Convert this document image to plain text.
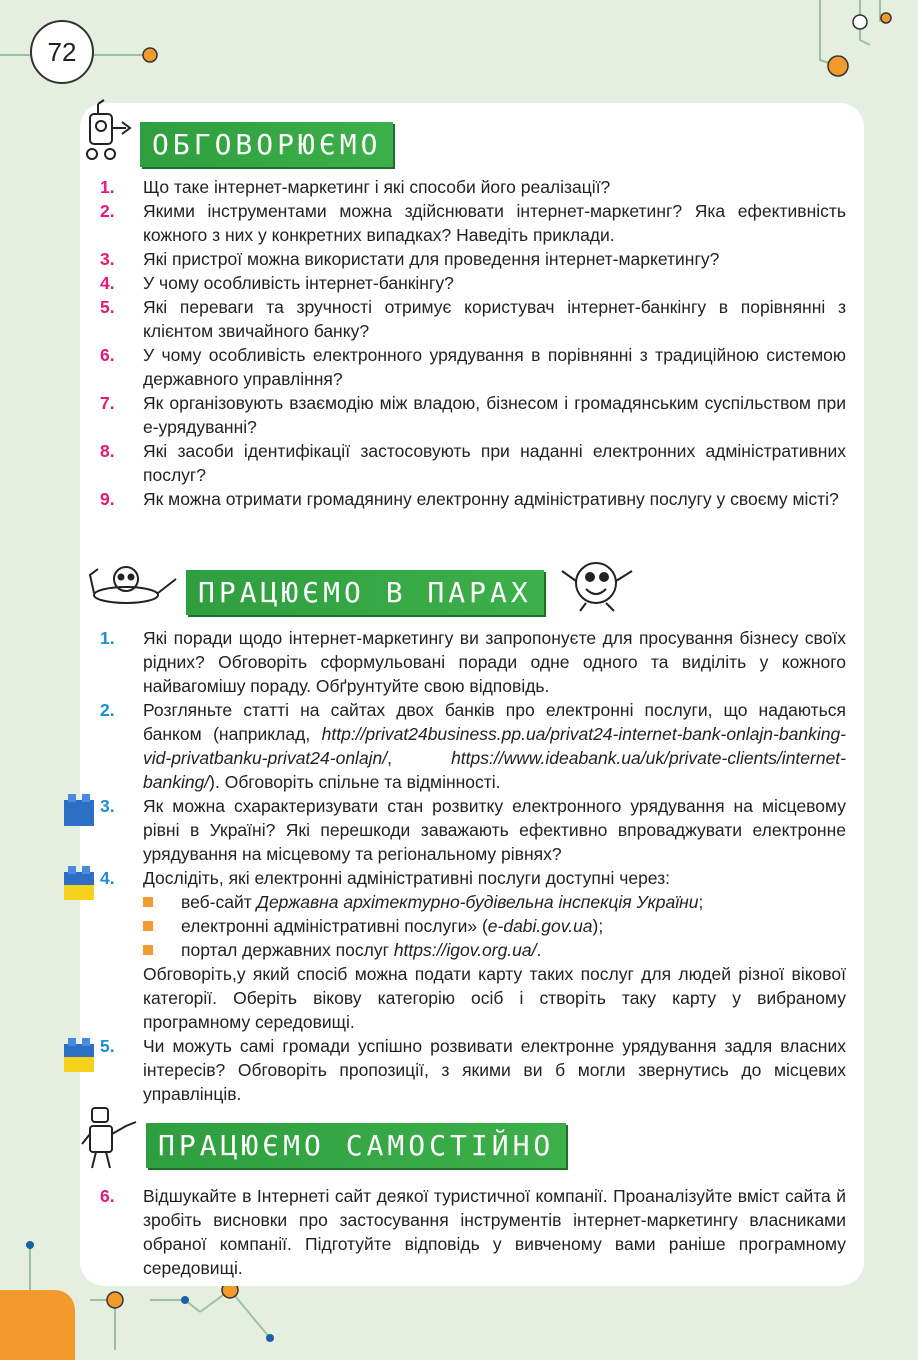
72
ОБГОВОРЮЄМО
1. Що таке інтернет-маркетинг і які способи його реалізації?
2. Якими інструментами можна здійснювати інтернет-маркетинг? Яка ефективність кожного з них у конкретних випадках? Наведіть приклади.
3. Які пристрої можна використати для проведення інтернет-маркетингу?
4. У чому особливість інтернет-банкінгу?
5. Які переваги та зручності отримує користувач інтернет-банкінгу в порівнянні з клієнтом звичайного банку?
6. У чому особливість електронного урядування в порівнянні з традиційною системою державного управління?
7. Як організовують взаємодію між владою, бізнесом і громадянським суспільством при е-урядуванні?
8. Які засоби ідентифікації застосовують при наданні електронних адміністративних послуг?
9. Як можна отримати громадянину електронну адміністративну послугу у своєму місті?
ПРАЦЮЄМО В ПАРАХ
1. Які поради щодо інтернет-маркетингу ви запропонуєте для просування бізнесу своїх рідних? Обговоріть сформульовані поради одне одного та виділіть у кожного найвагомішу пораду. Обґрунтуйте свою відповідь.
2. Розгляньте статті на сайтах двох банків про електронні послуги, що надаються банком (наприклад, http://privat24business.pp.ua/privat24-internet-bank-onlajn-banking-vid-privatbanku-privat24-onlajn/, https://www.ideabank.ua/uk/private-clients/internet-banking/). Обговоріть спільне та відмінності.
3. Як можна схарактеризувати стан розвитку електронного урядування на місцевому рівні в Україні? Які перешкоди заважають ефективно впроваджувати електронне урядування на місцевому та регіональному рівнях?
4. Дослідіть, які електронні адміністративні послуги доступні через:
веб-сайт Державна архітектурно-будівельна інспекція України;
електронні адміністративні послуги» (e-dabi.gov.ua);
портал державних послуг https://igov.org.ua/.
Обговоріть,у який спосіб можна подати карту таких послуг для людей різної вікової категорії. Оберіть вікову категорію осіб і створіть таку карту у вибраному програмному середовищі.
5. Чи можуть самі громади успішно розвивати електронне урядування задля власних інтересів? Обговоріть пропозиції, з якими ви б могли звернутись до місцевих управлінців.
ПРАЦЮЄМО САМОСТІЙНО
6. Відшукайте в Інтернеті сайт деякої туристичної компанії. Проаналізуйте вміст сайта й зробіть висновки про застосування інструментів інтернет-маркетингу власниками обраної компанії. Підготуйте відповідь у вивченому вами раніше програмному середовищі.
